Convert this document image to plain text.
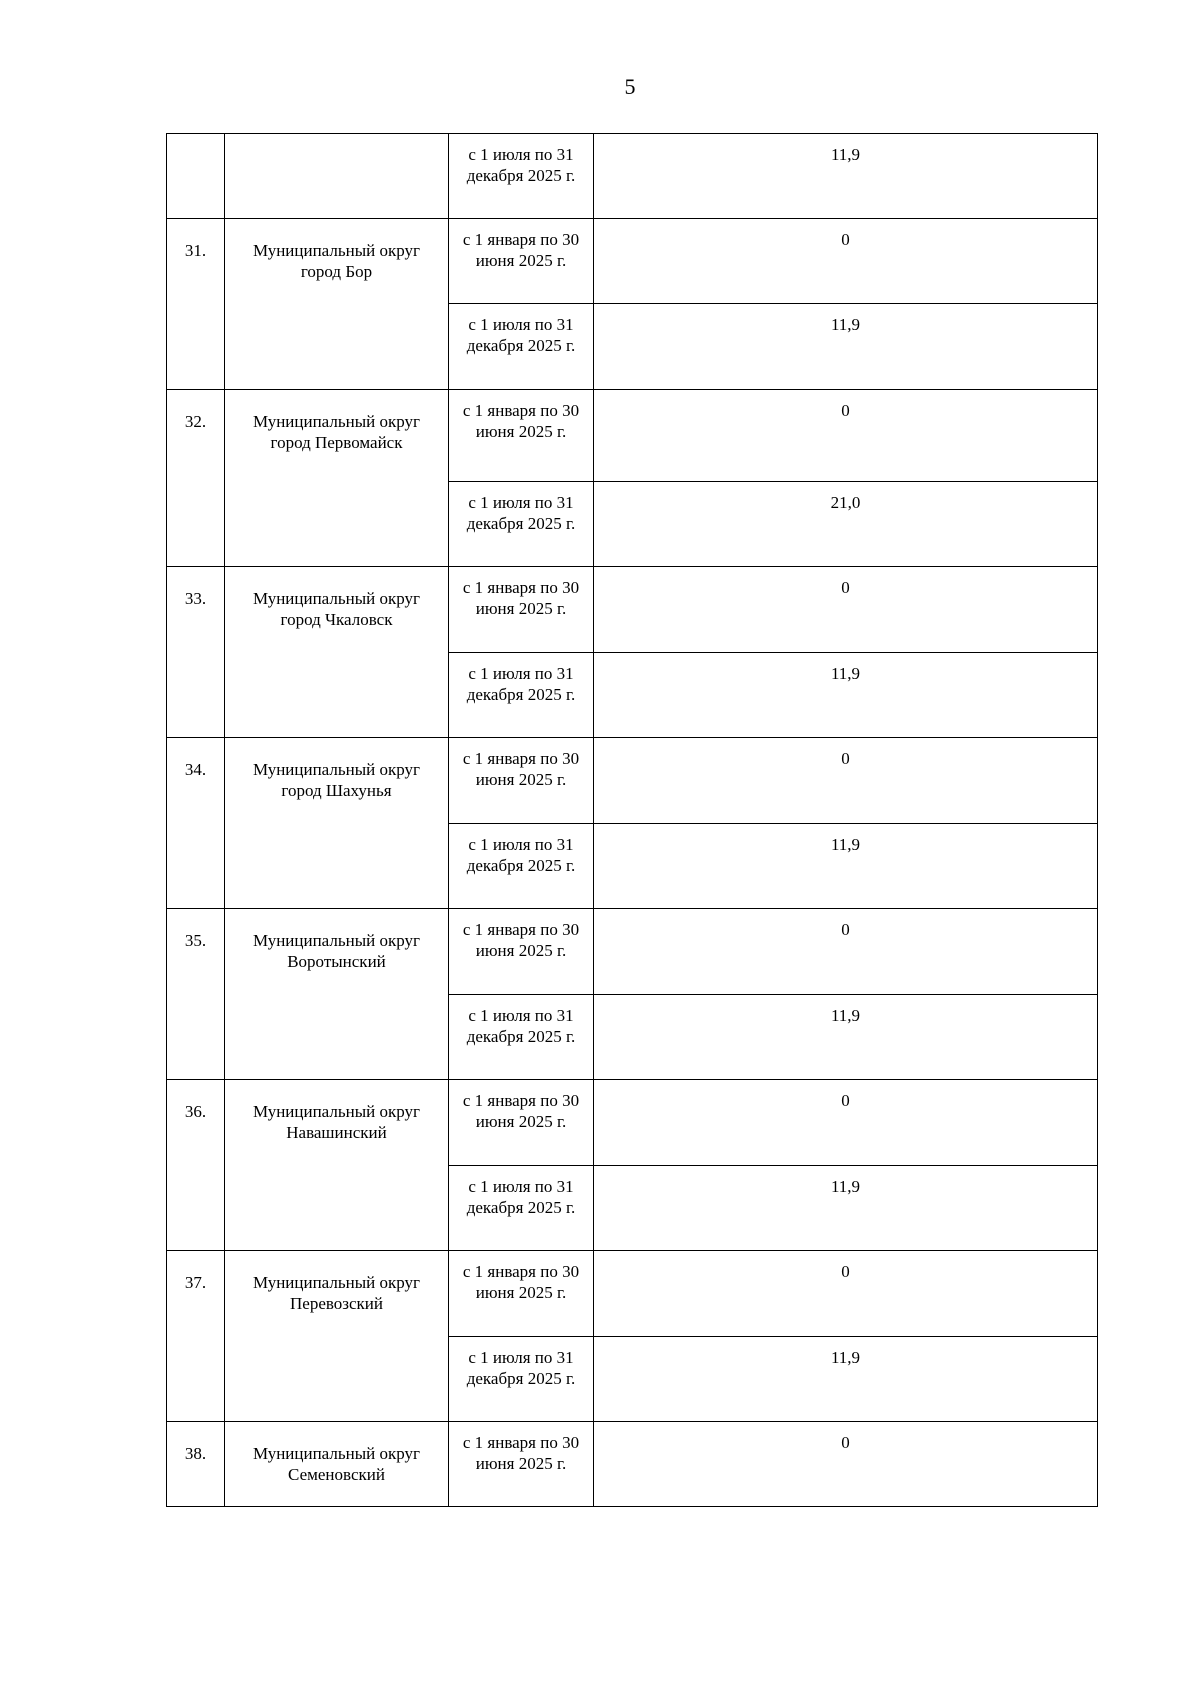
5

		с 1 июля по 31 декабря 2025 г.	11,9

31.	Муниципальный округ город Бор	с 1 января по 30 июня 2025 г.	0
		с 1 июля по 31 декабря 2025 г.	11,9
32.	Муниципальный округ город Первомайск	с 1 января по 30 июня 2025 г.	0
		с 1 июля по 31 декабря 2025 г.	21,0
33.	Муниципальный округ город Чкаловск	с 1 января по 30 июня 2025 г.	0
		с 1 июля по 31 декабря 2025 г.	11,9
34.	Муниципальный округ город Шахунья	с 1 января по 30 июня 2025 г.	0
		с 1 июля по 31 декабря 2025 г.	11,9
35.	Муниципальный округ Воротынский	с 1 января по 30 июня 2025 г.	0
		с 1 июля по 31 декабря 2025 г.	11,9
36.	Муниципальный округ Навашинский	с 1 января по 30 июня 2025 г.	0
		с 1 июля по 31 декабря 2025 г.	11,9
37.	Муниципальный округ Перевозский	с 1 января по 30 июня 2025 г.	0
		с 1 июля по 31 декабря 2025 г.	11,9
38.	Муниципальный округ Семеновский	с 1 января по 30 июня 2025 г.	0
